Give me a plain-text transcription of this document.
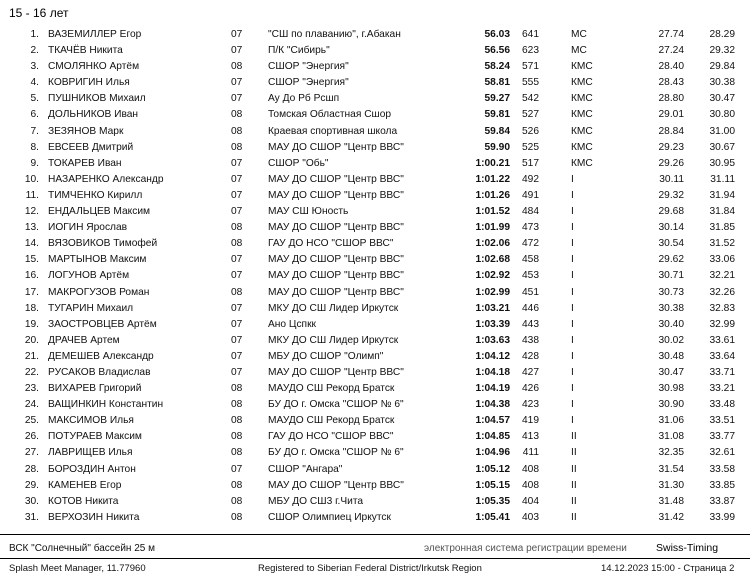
15 - 16 лет
1. ВАЗЕМИЛЛЕР Егор	07	"СШ по плаванию", г.Абакан	56.03	641	МС	27.74	28.29
2. ТКАЧЁВ Никита	07	П/К "Сибирь"	56.56	623	МС	27.24	29.32
3. СМОЛЯНКО Артём	08	СШОР "Энергия"	58.24	571	КМС	28.40	29.84
4. КОВРИГИН Илья	07	СШОР "Энергия"	58.81	555	КМС	28.43	30.38
5. ПУШНИКОВ Михаил	07	Ау До Рб Рсшп	59.27	542	КМС	28.80	30.47
6. ДОЛЬНИКОВ Иван	08	Томская Областная Сшор	59.81	527	КМС	29.01	30.80
7. ЗЕЗЯНОВ Марк	08	Краевая спортивная школа	59.84	526	КМС	28.84	31.00
8. ЕВСЕЕВ Дмитрий	08	МАУ ДО СШОР "Центр ВВС"	59.90	525	КМС	29.23	30.67
9. ТОКАРЕВ Иван	07	СШОР "Обь"	1:00.21	517	КМС	29.26	30.95
10. НАЗАРЕНКО Александр	07	МАУ ДО СШОР "Центр ВВС"	1:01.22	492	I	30.11	31.11
11. ТИМЧЕНКО Кирилл	07	МАУ ДО СШОР "Центр ВВС"	1:01.26	491	I	29.32	31.94
12. ЕНДАЛЬЦЕВ Максим	07	МАУ СШ Юность	1:01.52	484	I	29.68	31.84
13. ИОГИН Ярослав	08	МАУ ДО СШОР "Центр ВВС"	1:01.99	473	I	30.14	31.85
14. ВЯЗОВИКОВ Тимофей	08	ГАУ ДО НСО "СШОР ВВС"	1:02.06	472	I	30.54	31.52
15. МАРТЫНОВ Максим	07	МАУ ДО СШОР "Центр ВВС"	1:02.68	458	I	29.62	33.06
16. ЛОГУНОВ Артём	07	МАУ ДО СШОР "Центр ВВС"	1:02.92	453	I	30.71	32.21
17. МАКРОГУЗОВ Роман	08	МАУ ДО СШОР "Центр ВВС"	1:02.99	451	I	30.73	32.26
18. ТУГАРИН Михаил	07	МКУ ДО СШ Лидер Иркутск	1:03.21	446	I	30.38	32.83
19. ЗАОСТРОВЦЕВ Артём	07	Ано Цспкк	1:03.39	443	I	30.40	32.99
20. ДРАЧЕВ Артем	07	МКУ ДО СШ Лидер Иркутск	1:03.63	438	I	30.02	33.61
21. ДЕМЕШЕВ Александр	07	МБУ ДО СШОР "Олимп"	1:04.12	428	I	30.48	33.64
22. РУСАКОВ Владислав	07	МАУ ДО СШОР "Центр ВВС"	1:04.18	427	I	30.47	33.71
23. ВИХАРЕВ Григорий	08	МАУДО СШ Рекорд Братск	1:04.19	426	I	30.98	33.21
24. ВАЩИНКИН Константин	08	БУ ДО г. Омска "СШОР № 6"	1:04.38	423	I	30.90	33.48
25. МАКСИМОВ Илья	08	МАУДО СШ Рекорд Братск	1:04.57	419	I	31.06	33.51
26. ПОТУРАЕВ Максим	08	ГАУ ДО НСО "СШОР ВВС"	1:04.85	413	II	31.08	33.77
27. ЛАВРИЩЕВ Илья	08	БУ ДО г. Омска "СШОР № 6"	1:04.96	411	II	32.35	32.61
28. БОРОЗДИН Антон	07	СШОР "Ангара"	1:05.12	408	II	31.54	33.58
29. КАМЕНЕВ Егор	08	МАУ ДО СШОР "Центр ВВС"	1:05.15	408	II	31.30	33.85
30. КОТОВ Никита	08	МБУ ДО СШ3 г.Чита	1:05.35	404	II	31.48	33.87
31. ВЕРХОЗИН Никита	08	СШОР Олимпиец Иркутск	1:05.41	403	II	31.42	33.99
ВСК "Солнечный" бассейн 25 м	электронная система регистрации времени	Swiss-Timing
Splash Meet Manager, 11.77960	Registered to Siberian Federal District/Irkutsk Region	14.12.2023 15:00 - Страница 2
